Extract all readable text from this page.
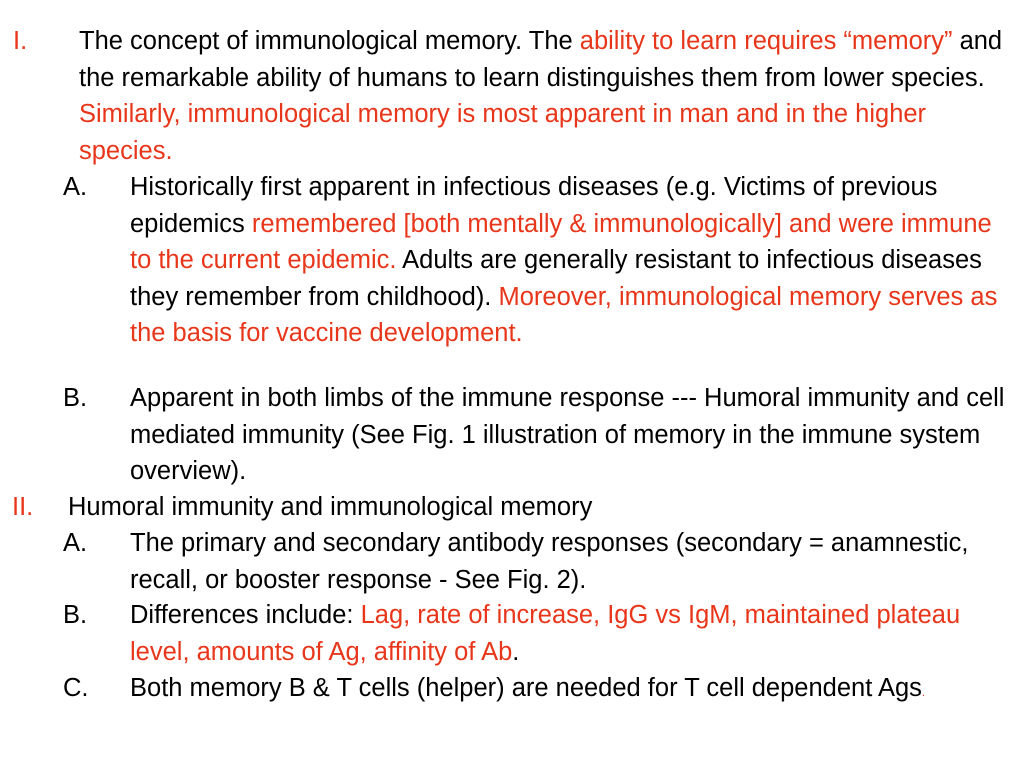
I. The concept of immunological memory. The ability to learn requires “memory” and the remarkable ability of humans to learn distinguishes them from lower species. Similarly, immunological memory is most apparent in man and in the higher species.

A. Historically first apparent in infectious diseases (e.g. Victims of previous epidemics remembered [both mentally & immunologically] and were immune to the current epidemic. Adults are generally resistant to infectious diseases they remember from childhood). Moreover, immunological memory serves as the basis for vaccine development.

B. Apparent in both limbs of the immune response --- Humoral immunity and cell mediated immunity (See Fig. 1 illustration of memory in the immune system overview).

II. Humoral immunity and immunological memory

A. The primary and secondary antibody responses (secondary = anamnestic, recall, or booster response - See Fig. 2).

B. Differences include: Lag, rate of increase, IgG vs IgM, maintained plateau level, amounts of Ag, affinity of Ab.

C. Both memory B & T cells (helper) are needed for T cell dependent Ags.
